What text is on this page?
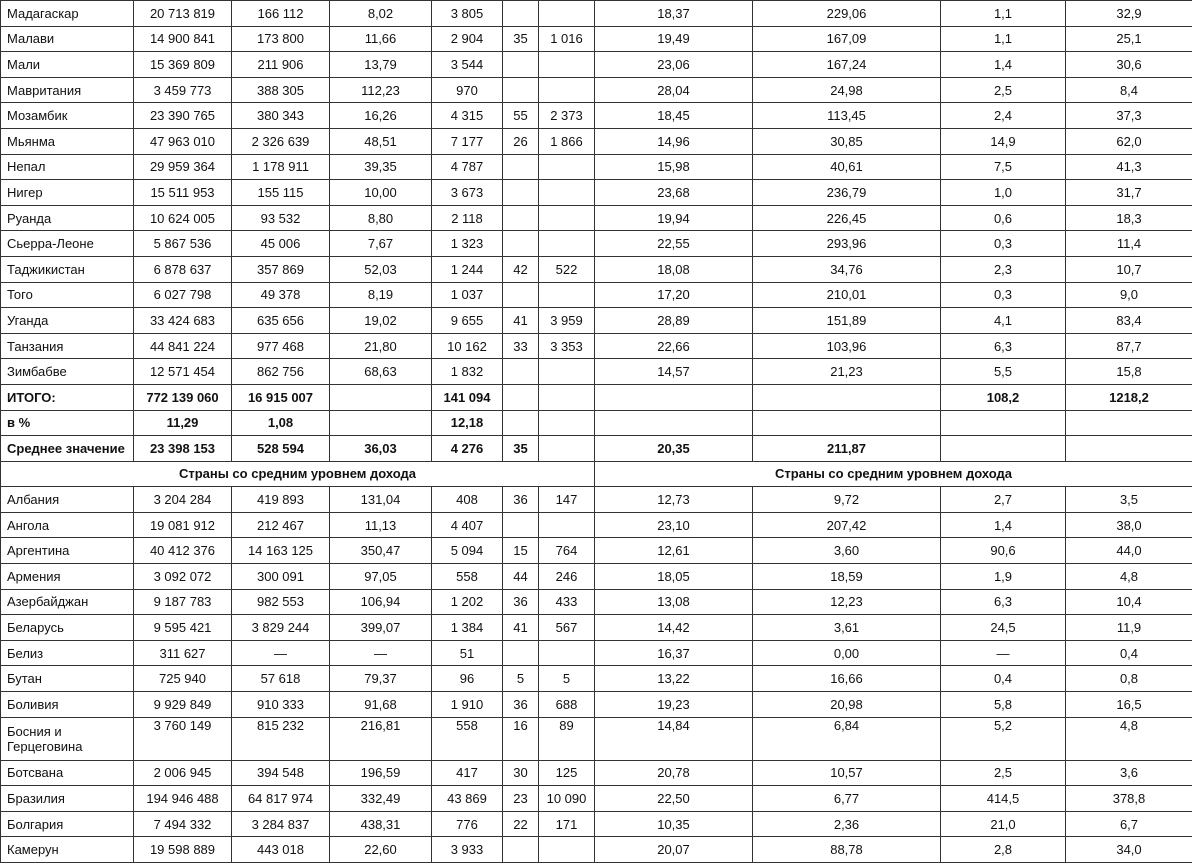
Мадагаскар	20 713 819	166 112	8,02	3 805			18,37	229,06	1,1	32,9
Малави	14 900 841	173 800	11,66	2 904	35	1 016	19,49	167,09	1,1	25,1
Мали	15 369 809	211 906	13,79	3 544			23,06	167,24	1,4	30,6
Мавритания	3 459 773	388 305	112,23	970			28,04	24,98	2,5	8,4
Мозамбик	23 390 765	380 343	16,26	4 315	55	2 373	18,45	113,45	2,4	37,3
Мьянма	47 963 010	2 326 639	48,51	7 177	26	1 866	14,96	30,85	14,9	62,0
Непал	29 959 364	1 178 911	39,35	4 787			15,98	40,61	7,5	41,3
Нигер	15 511 953	155 115	10,00	3 673			23,68	236,79	1,0	31,7
Руанда	10 624 005	93 532	8,80	2 118			19,94	226,45	0,6	18,3
Сьерра-Леоне	5 867 536	45 006	7,67	1 323			22,55	293,96	0,3	11,4
Таджикистан	6 878 637	357 869	52,03	1 244	42	522	18,08	34,76	2,3	10,7
Того	6 027 798	49 378	8,19	1 037			17,20	210,01	0,3	9,0
Уганда	33 424 683	635 656	19,02	9 655	41	3 959	28,89	151,89	4,1	83,4
Танзания	44 841 224	977 468	21,80	10 162	33	3 353	22,66	103,96	6,3	87,7
Зимбабве	12 571 454	862 756	68,63	1 832			14,57	21,23	5,5	15,8
ИТОГО:	772 139 060	16 915 007		141 094					108,2	1218,2
в %	11,29	1,08		12,18						
Среднее значение	23 398 153	528 594	36,03	4 276	35		20,35	211,87		
Страны со средним уровнем дохода							Страны со средним уровнем дохода			
Албания	3 204 284	419 893	131,04	408	36	147	12,73	9,72	2,7	3,5
Ангола	19 081 912	212 467	11,13	4 407			23,10	207,42	1,4	38,0
Аргентина	40 412 376	14 163 125	350,47	5 094	15	764	12,61	3,60	90,6	44,0
Армения	3 092 072	300 091	97,05	558	44	246	18,05	18,59	1,9	4,8
Азербайджан	9 187 783	982 553	106,94	1 202	36	433	13,08	12,23	6,3	10,4
Беларусь	9 595 421	3 829 244	399,07	1 384	41	567	14,42	3,61	24,5	11,9
Белиз	311 627	—	—	51			16,37	0,00	—	0,4
Бутан	725 940	57 618	79,37	96	5	5	13,22	16,66	0,4	0,8
Боливия	9 929 849	910 333	91,68	1 910	36	688	19,23	20,98	5,8	16,5
Босния и Герцеговина	3 760 149	815 232	216,81	558	16	89	14,84	6,84	5,2	4,8
Ботсвана	2 006 945	394 548	196,59	417	30	125	20,78	10,57	2,5	3,6
Бразилия	194 946 488	64 817 974	332,49	43 869	23	10 090	22,50	6,77	414,5	378,8
Болгария	7 494 332	3 284 837	438,31	776	22	171	10,35	2,36	21,0	6,7
Камерун	19 598 889	443 018	22,60	3 933			20,07	88,78	2,8	34,0
